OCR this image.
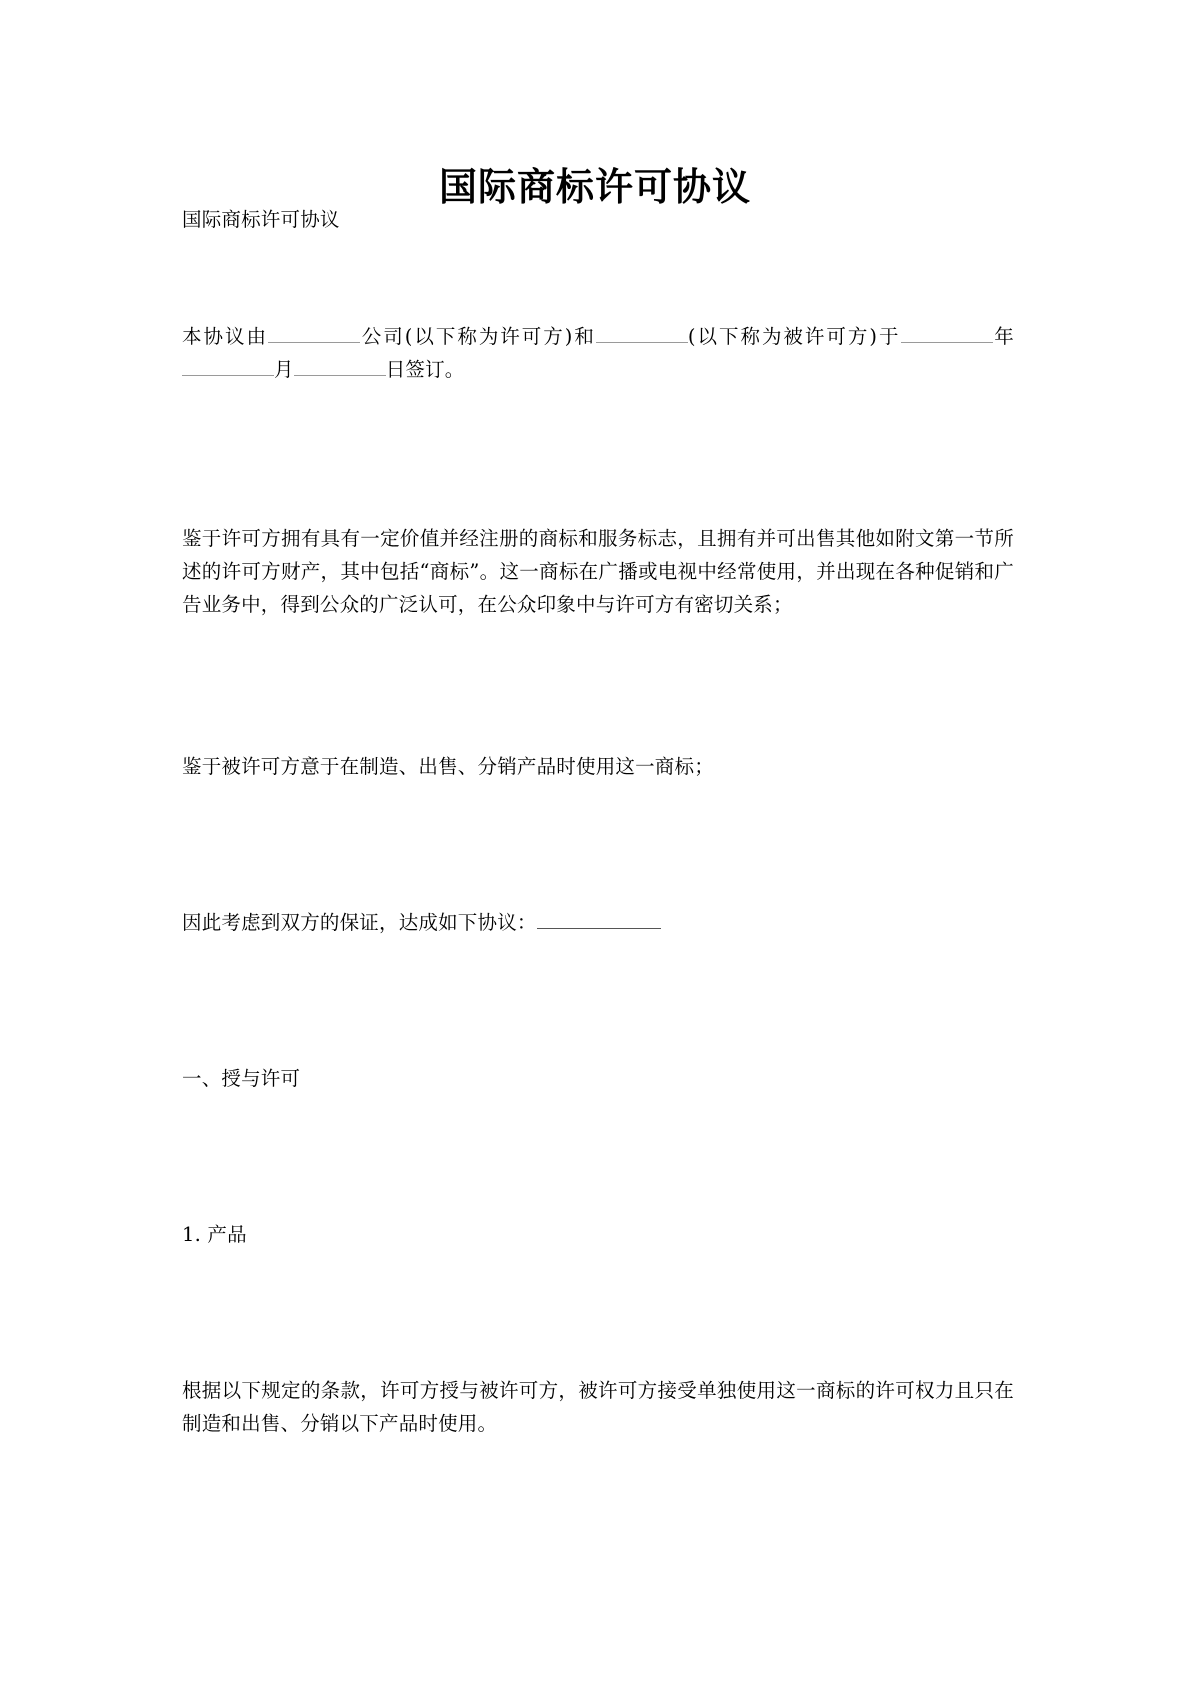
国际商标许可协议
国际商标许可协议
本协议由	公司(以下称为许可方)和	(以下称为被许可方)于	年月	日签订。
鉴于许可方拥有具有一定价值并经注册的商标和服务标志，且拥有并可出售其他如附文第一节所述的许可方财产，其中包括“商标”。这一商标在广播或电视中经常使用，并出现在各种促销和广告业务中，得到公众的广泛认可，在公众印象中与许可方有密切关系；
鉴于被许可方意于在制造、出售、分销产品时使用这一商标；
因此考虑到双方的保证，达成如下协议：
一、授与许可
1. 产品
根据以下规定的条款，许可方授与被许可方，被许可方接受单独使用这一商标的许可权力且只在制造和出售、分销以下产品时使用。
